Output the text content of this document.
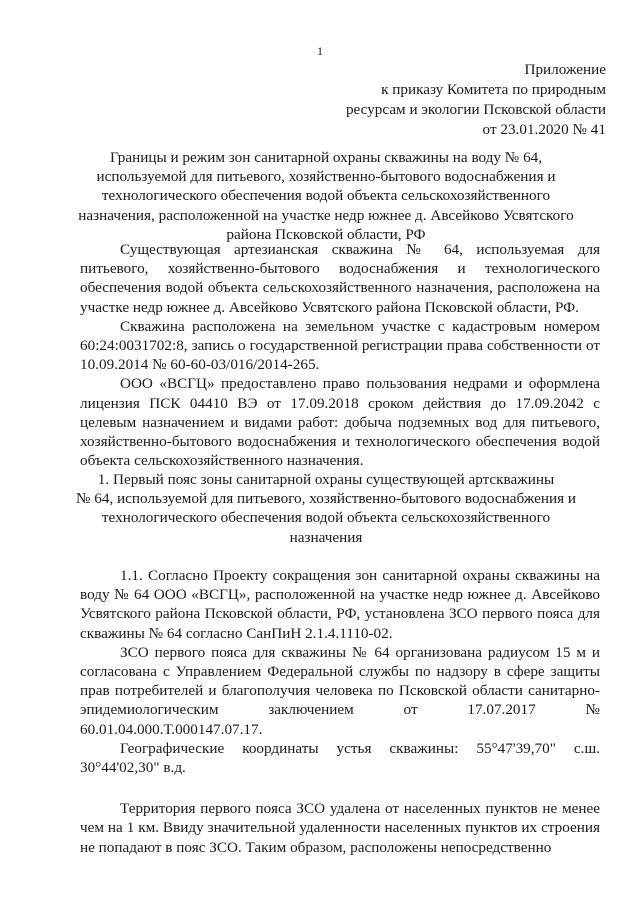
1
Приложение
к приказу Комитета по природным
ресурсам и экологии Псковской области
от 23.01.2020 № 41
Границы и режим зон санитарной охраны скважины на воду № 64,
используемой для питьевого, хозяйственно-бытового водоснабжения и
технологического обеспечения водой объекта сельскохозяйственного
назначения, расположенной на участке недр южнее д. Авсейково Усвятского
района Псковской области, РФ

Существующая артезианская скважина № 64, используемая для питьевого, хозяйственно-бытового водоснабжения и технологического обеспечения водой объекта сельскохозяйственного назначения, расположена на участке недр южнее д. Авсейково Усвятского района Псковской области, РФ.

Скважина расположена на земельном участке с кадастровым номером 60:24:0031702:8, запись о государственной регистрации права собственности от 10.09.2014 № 60-60-03/016/2014-265.

ООО «ВСГЦ» предоставлено право пользования недрами и оформлена лицензия ПСК 04410 ВЭ от 17.09.2018 сроком действия до 17.09.2042 с целевым назначением и видами работ: добыча подземных вод для питьевого, хозяйственно-бытового водоснабжения и технологического обеспечения водой объекта сельскохозяйственного назначения.

1. Первый пояс зоны санитарной охраны существующей артскважины
№ 64, используемой для питьевого, хозяйственно-бытового водоснабжения и
технологического обеспечения водой объекта сельскохозяйственного
назначения

1.1. Согласно Проекту сокращения зон санитарной охраны скважины на воду № 64 ООО «ВСГЦ», расположенной на участке недр южнее д. Авсейково Усвятского района Псковской области, РФ, установлена ЗСО первого пояса для скважины № 64 согласно СанПиН 2.1.4.1110-02.

ЗСО первого пояса для скважины № 64 организована радиусом 15 м и согласована с Управлением Федеральной службы по надзору в сфере защиты прав потребителей и благополучия человека по Псковской области санитарно-эпидемиологическим заключением от 17.07.2017 № 60.01.04.000.Т.000147.07.17.

Географические координаты устья скважины: 55°47'39,70" с.ш.
30°44'02,30" в.д.

Территория первого пояса ЗСО удалена от населенных пунктов не менее чем на 1 км. Ввиду значительной удаленности населенных пунктов их строения не попадают в пояс ЗСО. Таким образом, расположены непосредственно
